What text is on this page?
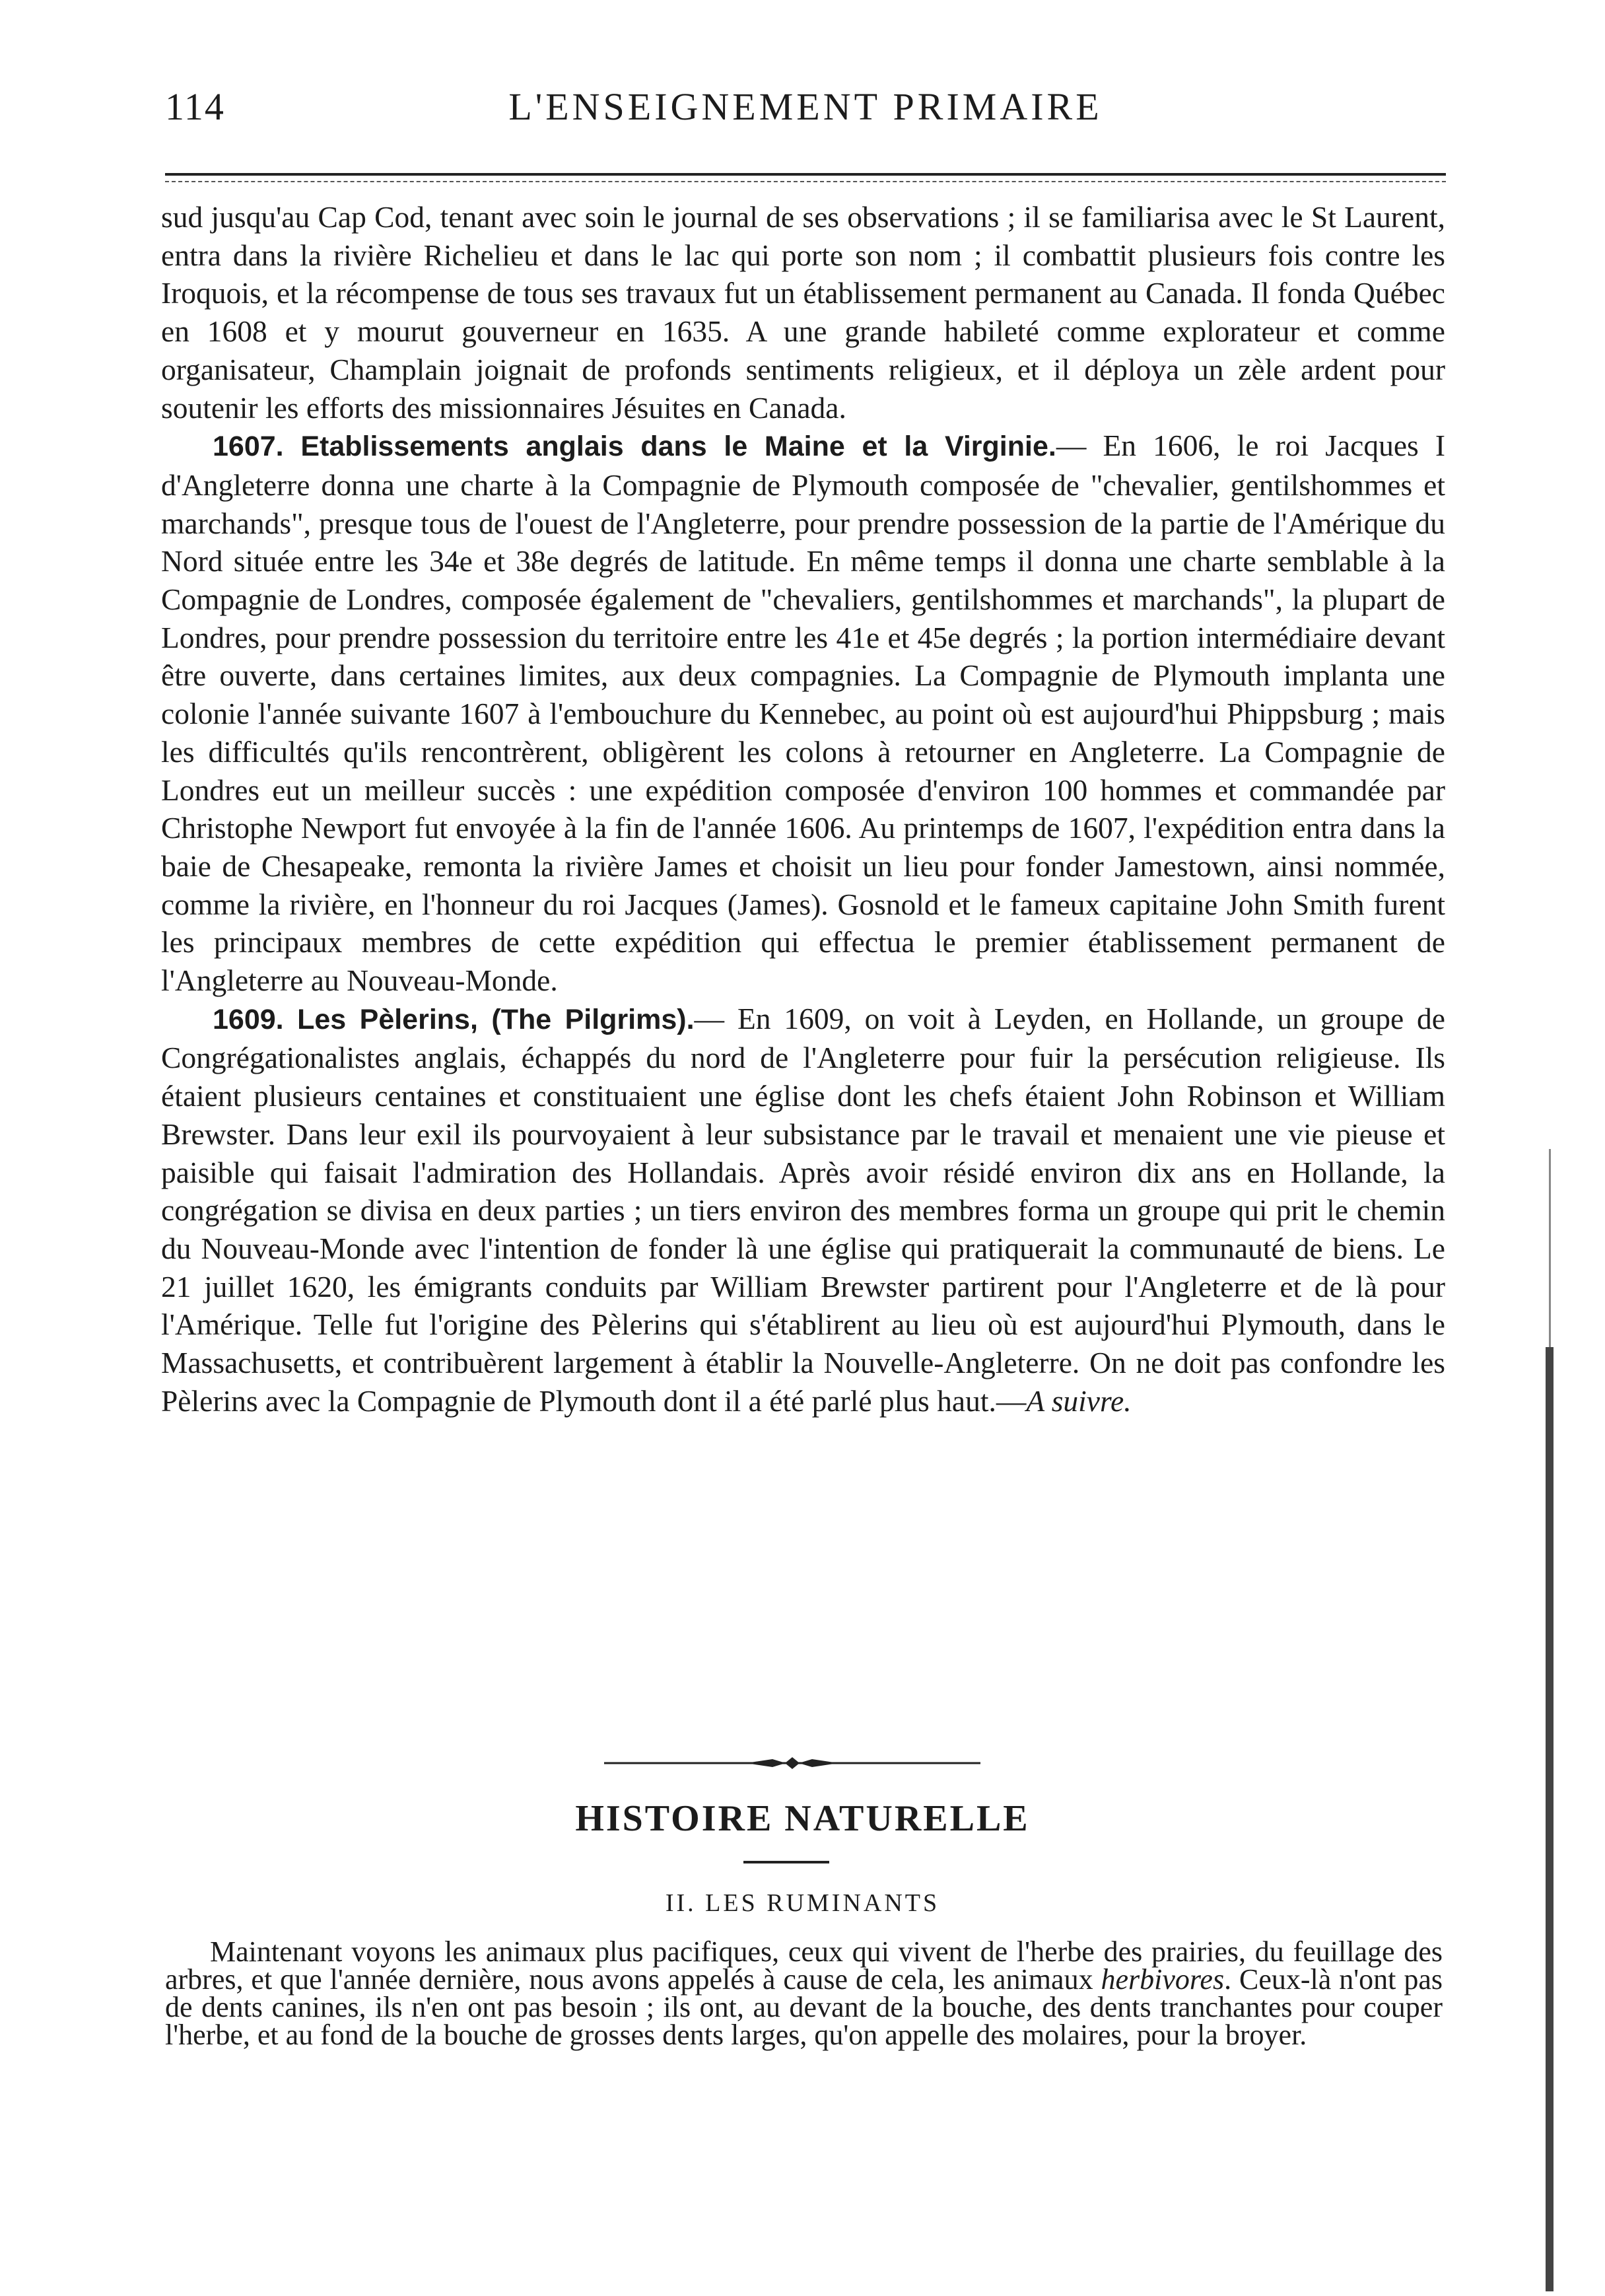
114	L'ENSEIGNEMENT PRIMAIRE

sud jusqu'au Cap Cod, tenant avec soin le journal de ses observations ; il se familiarisa avec le St Laurent, entra dans la rivière Richelieu et dans le lac qui porte son nom ; il combattit plusieurs fois contre les Iroquois, et la récompense de tous ses travaux fut un établissement permanent au Canada. Il fonda Québec en 1608 et y mourut gouverneur en 1635. A une grande habileté comme explorateur et comme organisateur, Champlain joignait de profonds sentiments religieux, et il déploya un zèle ardent pour soutenir les efforts des missionnaires Jésuites en Canada.

1607. Etablissements anglais dans le Maine et la Virginie.— En 1606, le roi Jacques I d'Angleterre donna une charte à la Compagnie de Plymouth composée de "chevalier, gentilshommes et marchands", presque tous de l'ouest de l'Angleterre, pour prendre possession de la partie de l'Amérique du Nord située entre les 34e et 38e degrés de latitude. En même temps il donna une charte semblable à la Compagnie de Londres, composée également de "chevaliers, gentilshommes et marchands", la plupart de Londres, pour prendre possession du territoire entre les 41e et 45e degrés ; la portion intermédiaire devant être ouverte, dans certaines limites, aux deux compagnies. La Compagnie de Plymouth implanta une colonie l'année suivante 1607 à l'embouchure du Kennebec, au point où est aujourd'hui Phippsburg ; mais les difficultés qu'ils rencontrèrent, obligèrent les colons à retourner en Angleterre. La Compagnie de Londres eut un meilleur succès : une expédition composée d'environ 100 hommes et commandée par Christophe Newport fut envoyée à la fin de l'année 1606. Au printemps de 1607, l'expédition entra dans la baie de Chesapeake, remonta la rivière James et choisit un lieu pour fonder Jamestown, ainsi nommée, comme la rivière, en l'honneur du roi Jacques (James). Gosnold et le fameux capitaine John Smith furent les principaux membres de cette expédition qui effectua le premier établissement permanent de l'Angleterre au Nouveau-Monde.

1609. Les Pèlerins, (The Pilgrims).— En 1609, on voit à Leyden, en Hollande, un groupe de Congrégationalistes anglais, échappés du nord de l'Angleterre pour fuir la persécution religieuse. Ils étaient plusieurs centaines et constituaient une église dont les chefs étaient John Robinson et William Brewster. Dans leur exil ils pourvoyaient à leur subsistance par le travail et menaient une vie pieuse et paisible qui faisait l'admiration des Hollandais. Après avoir résidé environ dix ans en Hollande, la congrégation se divisa en deux parties ; un tiers environ des membres forma un groupe qui prit le chemin du Nouveau-Monde avec l'intention de fonder là une église qui pratiquerait la communauté de biens. Le 21 juillet 1620, les émigrants conduits par William Brewster partirent pour l'Angleterre et de là pour l'Amérique. Telle fut l'origine des Pèlerins qui s'établirent au lieu où est aujourd'hui Plymouth, dans le Massachusetts, et contribuèrent largement à établir la Nouvelle-Angleterre. On ne doit pas confondre les Pèlerins avec la Compagnie de Plymouth dont il a été parlé plus haut.—A suivre.

HISTOIRE NATURELLE
II. LES RUMINANTS

Maintenant voyons les animaux plus pacifiques, ceux qui vivent de l'herbe des prairies, du feuillage des arbres, et que l'année dernière, nous avons appelés à cause de cela, les animaux herbivores. Ceux-là n'ont pas de dents canines, ils n'en ont pas besoin ; ils ont, au devant de la bouche, des dents tranchantes pour couper l'herbe, et au fond de la bouche de grosses dents larges, qu'on appelle des molaires, pour la broyer.
